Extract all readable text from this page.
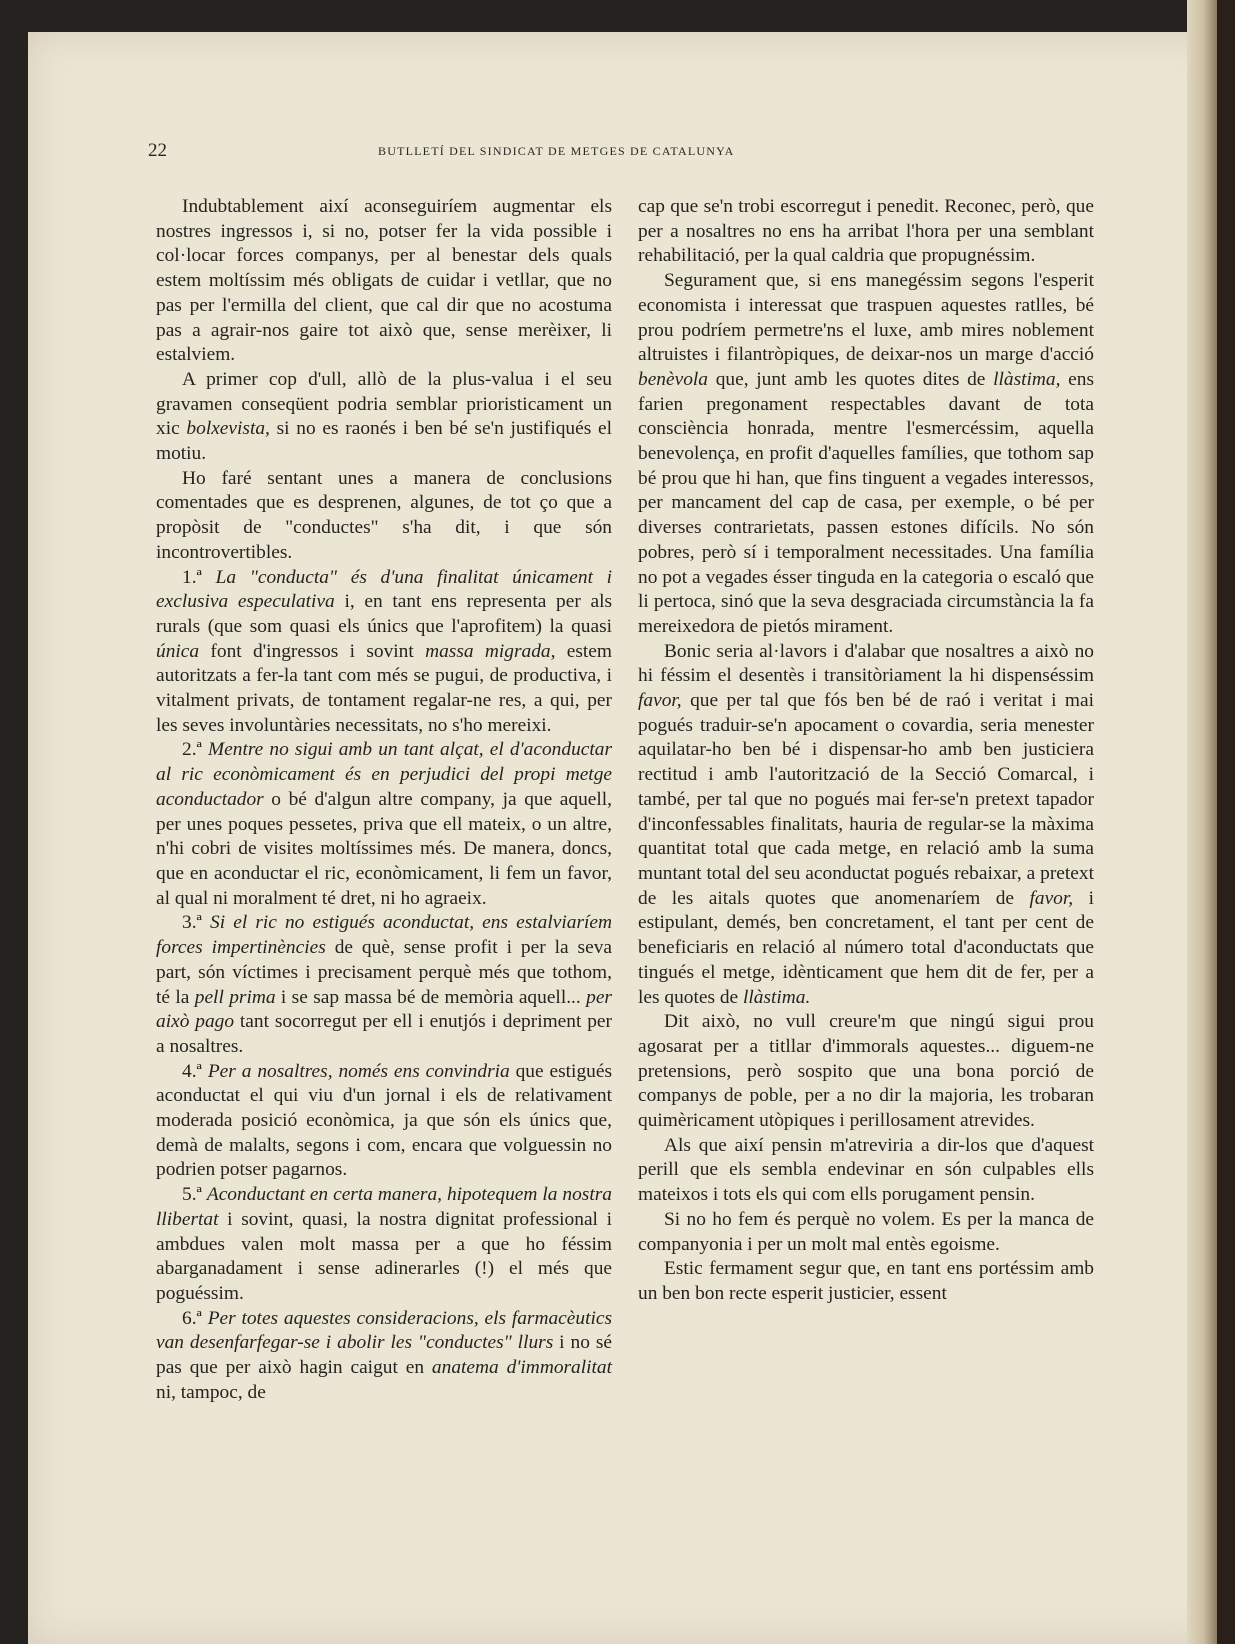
22	BUTLLETÍ DEL SINDICAT DE METGES DE CATALUNYA

Indubtablement així aconseguiríem augmentar els nostres ingressos i, si no, potser fer la vida possible i col·locar forces companys, per al benestar dels quals estem moltíssim més obligats de cuidar i vetllar, que no pas per l'ermilla del client, que cal dir que no acostuma pas a agrair-nos gaire tot això que, sense merèixer, li estalviem.

A primer cop d'ull, allò de la plus-valua i el seu gravamen conseqüent podria semblar prioristicament un xic bolxevista, si no es raonés i ben bé se'n justifiqués el motiu.

Ho faré sentant unes a manera de conclusions comentades que es desprenen, algunes, de tot ço que a propòsit de "conductes" s'ha dit, i que són incontrovertibles.

1.ª La "conducta" és d'una finalitat únicament i exclusiva especulativa i, en tant ens representa per als rurals (que som quasi els únics que l'aprofitem) la quasi única font d'ingressos i sovint massa migrada, estem autoritzats a fer-la tant com més se pugui, de productiva, i vitalment privats, de tontament regalar-ne res, a qui, per les seves involuntàries necessitats, no s'ho mereixi.

2.ª Mentre no sigui amb un tant alçat, el d'aconductar al ric econòmicament és en perjudici del propi metge aconductador o bé d'algun altre company, ja que aquell, per unes poques pessetes, priva que ell mateix, o un altre, n'hi cobri de visites moltíssimes més. De manera, doncs, que en aconductar el ric, econòmicament, li fem un favor, al qual ni moralment té dret, ni ho agraeix.

3.ª Si el ric no estigués aconductat, ens estalviaríem forces impertinències de què, sense profit i per la seva part, són víctimes i precisament perquè més que tothom, té la pell prima i se sap massa bé de memòria aquell... per això pago tant socorregut per ell i enutjós i depriment per a nosaltres.

4.ª Per a nosaltres, només ens convindria que estigués aconductat el qui viu d'un jornal i els de relativament moderada posició econòmica, ja que són els únics que, demà de malalts, segons i com, encara que volguessin no podrien potser pagarnos.

5.ª Aconductant en certa manera, hipotequem la nostra llibertat i sovint, quasi, la nostra dignitat professional i ambdues valen molt massa per a que ho féssim abarganadament i sense adinerarles (!) el més que poguéssim.

6.ª Per totes aquestes consideracions, els farmacèutics van desenfarfegar-se i abolir les "conductes" llurs i no sé pas que per això hagin caigut en anatema d'immoralitat ni, tampoc, de

cap que se'n trobi escorregut i penedit. Reconec, però, que per a nosaltres no ens ha arribat l'hora per una semblant rehabilitació, per la qual caldria que propugnéssim.

Segurament que, si ens manegéssim segons l'esperit economista i interessat que traspuen aquestes ratlles, bé prou podríem permetre'ns el luxe, amb mires noblement altruistes i filantròpiques, de deixar-nos un marge d'acció benèvola que, junt amb les quotes dites de llàstima, ens farien pregonament respectables davant de tota consciència honrada, mentre l'esmercéssim, aquella benevolença, en profit d'aquelles famílies, que tothom sap bé prou que hi han, que fins tinguent a vegades interessos, per mancament del cap de casa, per exemple, o bé per diverses contrarietats, passen estones difícils. No són pobres, però sí i temporalment necessitades. Una família no pot a vegades ésser tinguda en la categoria o escaló que li pertoca, sinó que la seva desgraciada circumstància la fa mereixedora de pietós mirament.

Bonic seria al·lavors i d'alabar que nosaltres a això no hi féssim el desentès i transitòriament la hi dispenséssim favor, que per tal que fós ben bé de raó i veritat i mai pogués traduir-se'n apocament o covardia, seria menester aquilatar-ho ben bé i dispensar-ho amb ben justiciera rectitud i amb l'autorització de la Secció Comarcal, i també, per tal que no pogués mai fer-se'n pretext tapador d'inconfessables finalitats, hauria de regular-se la màxima quantitat total que cada metge, en relació amb la suma muntant total del seu aconductat pogués rebaixar, a pretext de les aitals quotes que anomenaríem de favor, i estipulant, demés, ben concretament, el tant per cent de beneficiaris en relació al número total d'aconductats que tingués el metge, idènticament que hem dit de fer, per a les quotes de llàstima.

Dit això, no vull creure'm que ningú sigui prou agosarat per a titllar d'immorals aquestes... diguem-ne pretensions, però sospito que una bona porció de companys de poble, per a no dir la majoria, les trobaran quimèricament utòpiques i perillosament atrevides.

Als que així pensin m'atreviria a dir-los que d'aquest perill que els sembla endevinar en són culpables ells mateixos i tots els qui com ells porugament pensin.

Si no ho fem és perquè no volem. Es per la manca de companyonia i per un molt mal entès egoisme.

Estic fermament segur que, en tant ens portéssim amb un ben bon recte esperit justicier, essent
